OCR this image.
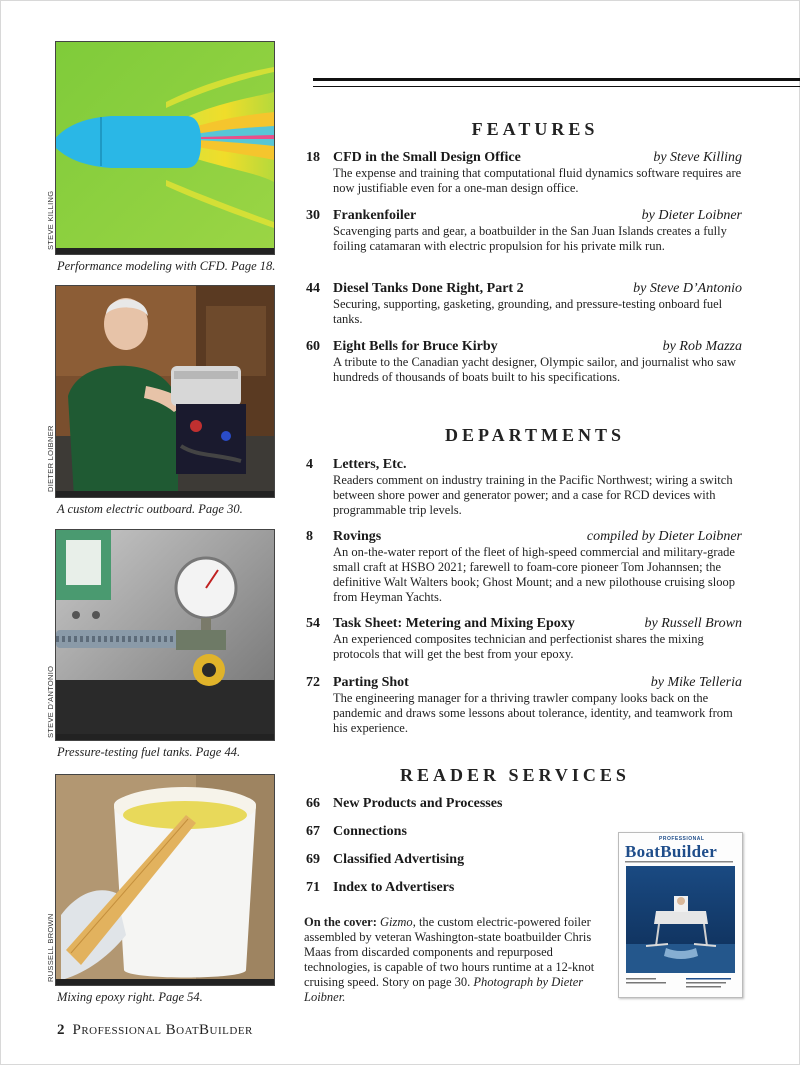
STEVE KILLING
Performance modeling with CFD. Page 18.
DIETER LOIBNER
A custom electric outboard. Page 30.
STEVE D’ANTONIO
Pressure-testing fuel tanks. Page 44.
RUSSELL BROWN
Mixing epoxy right. Page 54.
FEATURES
18 CFD in the Small Design Office	by Steve Killing
The expense and training that computational fluid dynamics software requires are now justifiable even for a one-man design office.
30 Frankenfoiler	by Dieter Loibner
Scavenging parts and gear, a boatbuilder in the San Juan Islands creates a fully foiling catamaran with electric propulsion for his private milk run.
44 Diesel Tanks Done Right, Part 2	by Steve D’Antonio
Securing, supporting, gasketing, grounding, and pressure-testing onboard fuel tanks.
60 Eight Bells for Bruce Kirby	by Rob Mazza
A tribute to the Canadian yacht designer, Olympic sailor, and journalist who saw hundreds of thousands of boats built to his specifications.
DEPARTMENTS
4	Letters, Etc.
Readers comment on industry training in the Pacific Northwest; wiring a switch between shore power and generator power; and a case for RCD devices with programmable trip levels.
8	Rovings	compiled by Dieter Loibner
An on-the-water report of the fleet of high-speed commercial and military-grade small craft at HSBO 2021; farewell to foam-core pioneer Tom Johannsen; the definitive Walt Walters book; Ghost Mount; and a new pilothouse cruising sloop from Heyman Yachts.
54 Task Sheet: Metering and Mixing Epoxy	by Russell Brown
An experienced composites technician and perfectionist shares the mixing protocols that will get the best from your epoxy.
72 Parting Shot	by Mike Telleria
The engineering manager for a thriving trawler company looks back on the pandemic and draws some lessons about tolerance, identity, and teamwork from his experience.
READER SERVICES
66 New Products and Processes
67 Connections
69 Classified Advertising
71 Index to Advertisers
On the cover: Gizmo, the custom electric-powered foiler assembled by veteran Washington-state boatbuilder Chris Maas from discarded components and repurposed technologies, is capable of two hours runtime at a 12-knot cruising speed. Story on page 30. Photograph by Dieter Loibner.
PROFESSIONAL
BoatBuilder
2 Professional BoatBuilder
